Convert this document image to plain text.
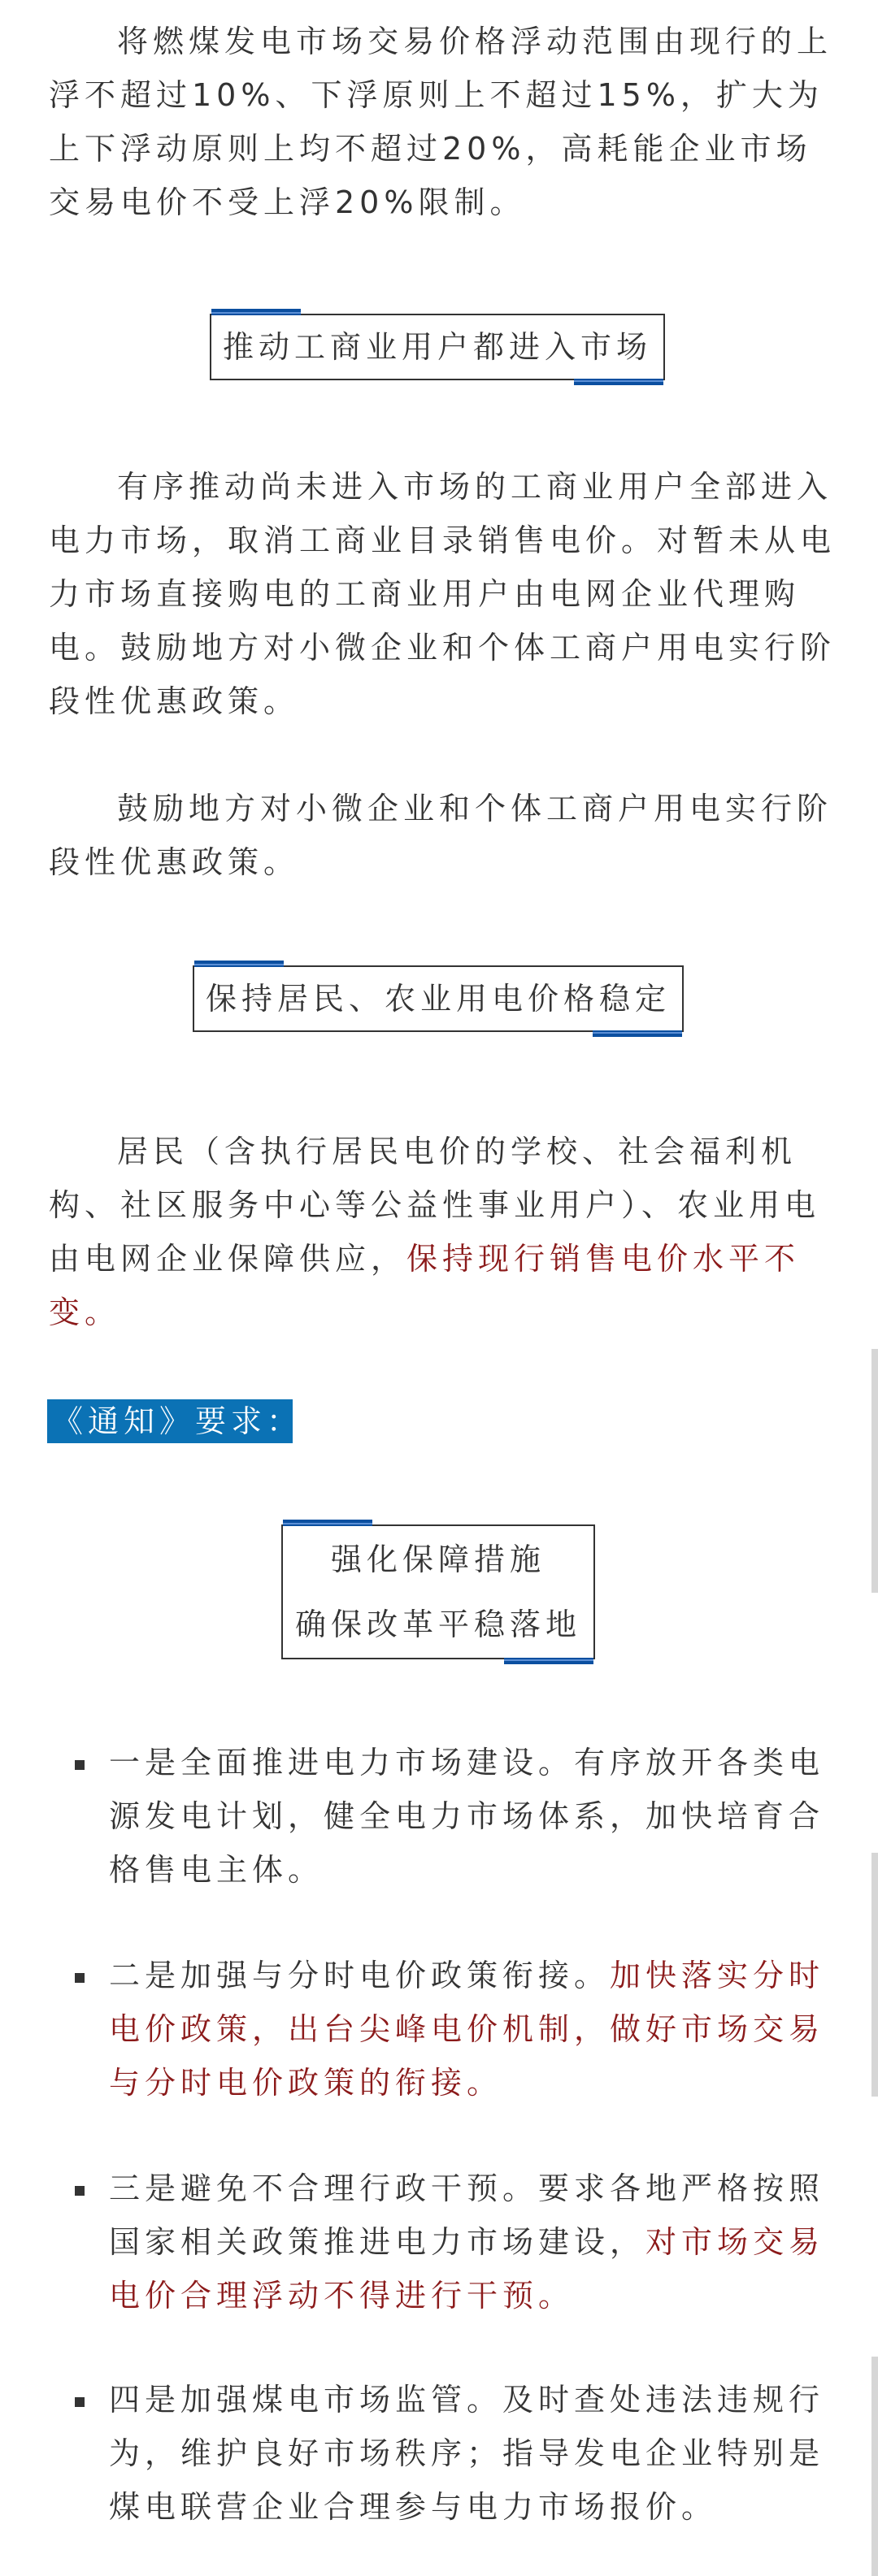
将燃煤发电市场交易价格浮动范围由现行的上浮不超过10%、下浮原则上不超过15%，扩大为上下浮动原则上均不超过20%，高耗能企业市场交易电价不受上浮20%限制。

推动工商业用户都进入市场

有序推动尚未进入市场的工商业用户全部进入电力市场，取消工商业目录销售电价。对暂未从电力市场直接购电的工商业用户由电网企业代理购电。鼓励地方对小微企业和个体工商户用电实行阶段性优惠政策。

鼓励地方对小微企业和个体工商户用电实行阶段性优惠政策。

保持居民、农业用电价格稳定

居民（含执行居民电价的学校、社会福利机构、社区服务中心等公益性事业用户）、农业用电由电网企业保障供应，保持现行销售电价水平不变。

《通知》要求：
强化保障措施
确保改革平稳落地
一是全面推进电力市场建设。有序放开各类电源发电计划，健全电力市场体系，加快培育合格售电主体。
二是加强与分时电价政策衔接。加快落实分时电价政策，出台尖峰电价机制，做好市场交易与分时电价政策的衔接。
三是避免不合理行政干预。要求各地严格按照国家相关政策推进电力市场建设，对市场交易电价合理浮动不得进行干预。
四是加强煤电市场监管。及时查处违法违规行为，维护良好市场秩序；指导发电企业特别是煤电联营企业合理参与电力市场报价。
